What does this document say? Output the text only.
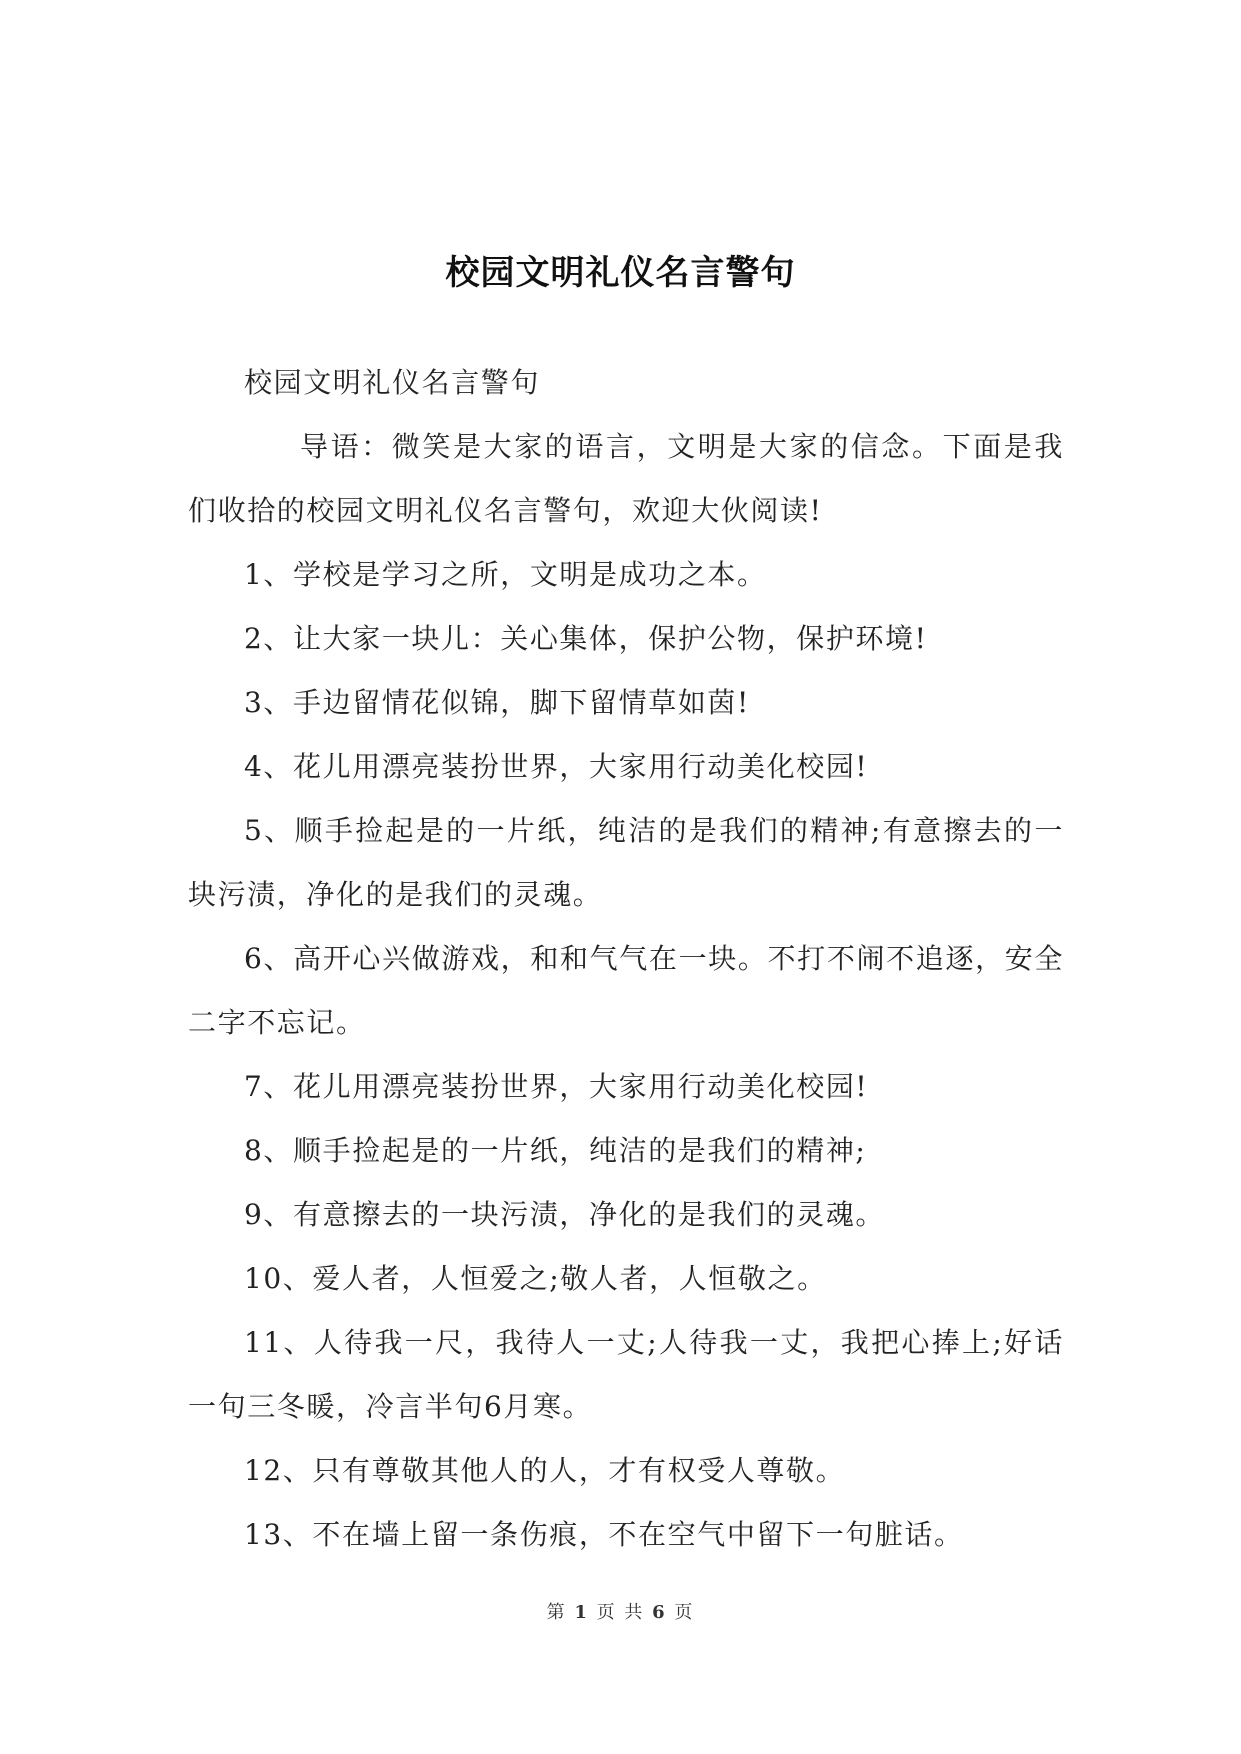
校园文明礼仪名言警句

校园文明礼仪名言警句

导语：微笑是大家的语言，文明是大家的信念。下面是我们收拾的校园文明礼仪名言警句，欢迎大伙阅读!

1、学校是学习之所，文明是成功之本。

2、让大家一块儿：关心集体，保护公物，保护环境!

3、手边留情花似锦，脚下留情草如茵!

4、花儿用漂亮装扮世界，大家用行动美化校园!

5、顺手捡起是的一片纸，纯洁的是我们的精神;有意擦去的一块污渍，净化的是我们的灵魂。

6、高开心兴做游戏，和和气气在一块。不打不闹不追逐，安全二字不忘记。

7、花儿用漂亮装扮世界，大家用行动美化校园!

8、顺手捡起是的一片纸，纯洁的是我们的精神;

9、有意擦去的一块污渍，净化的是我们的灵魂。

10、爱人者，人恒爱之;敬人者，人恒敬之。

11、人待我一尺，我待人一丈;人待我一丈，我把心捧上;好话一句三冬暖，冷言半句6月寒。

12、只有尊敬其他人的人，才有权受人尊敬。

13、不在墙上留一条伤痕，不在空气中留下一句脏话。

第 1 页 共 6 页
